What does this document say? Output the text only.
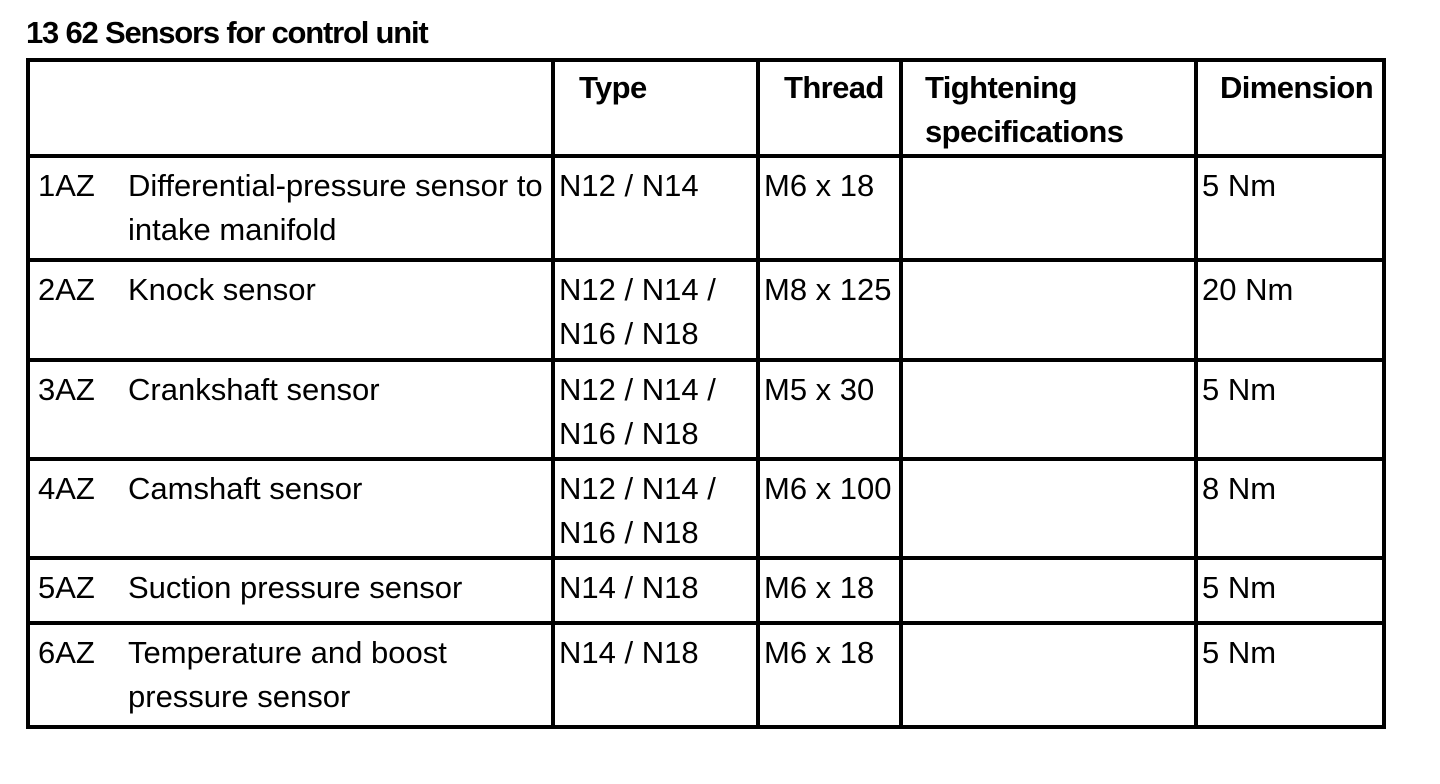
13 62 Sensors for control unit
	Type	Thread	Tightening specifications	Dimension

1AZ Differential-pressure sensor to intake manifold	N12 / N14	M6 x 18		5 Nm

2AZ Knock sensor	N12 / N14 / N16 / N18	M8 x 125		20 Nm

3AZ Crankshaft sensor	N12 / N14 / N16 / N18	M5 x 30		5 Nm

4AZ Camshaft sensor	N12 / N14 / N16 / N18	M6 x 100		8 Nm

5AZ Suction pressure sensor	N14 / N18	M6 x 18		5 Nm

6AZ Temperature and boost pressure sensor	N14 / N18	M6 x 18		5 Nm
